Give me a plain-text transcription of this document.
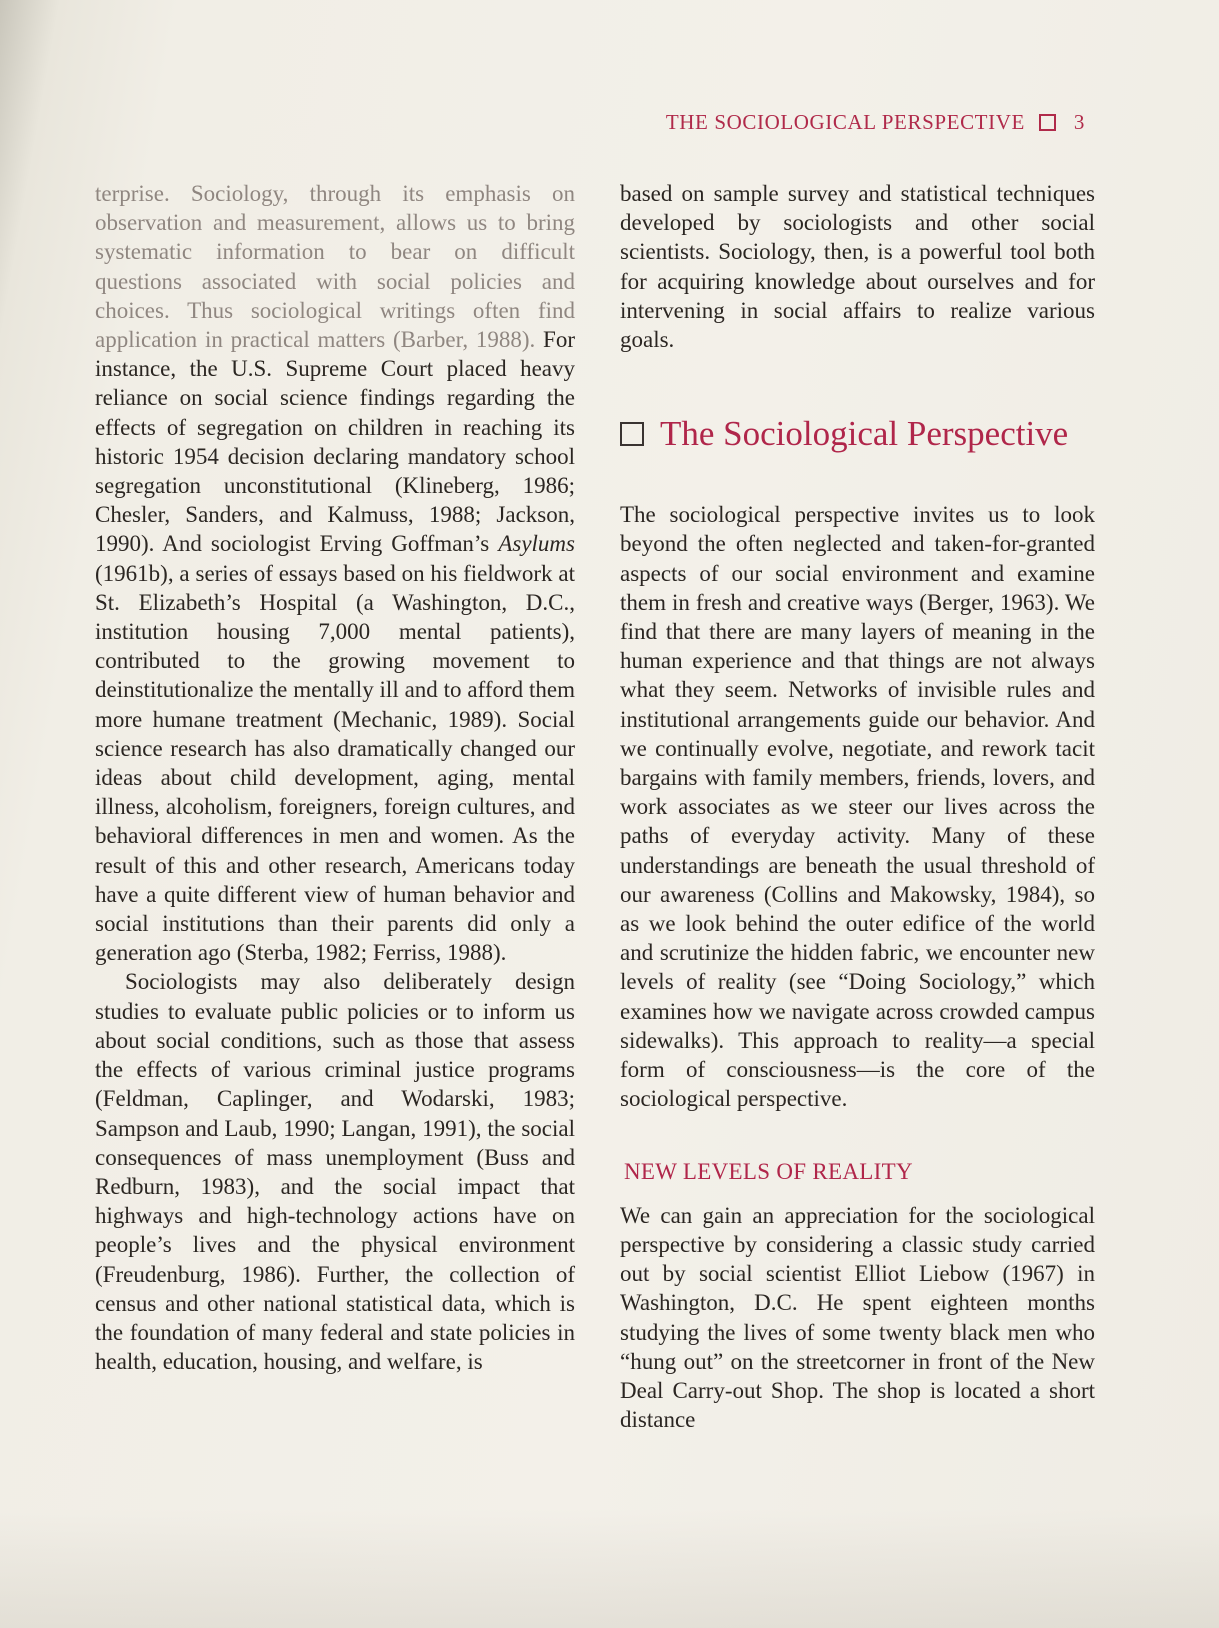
THE SOCIOLOGICAL PERSPECTIVE 3

terprise. Sociology, through its emphasis on observation and measurement, allows us to bring systematic information to bear on difficult questions associated with social policies and choices. Thus sociological writings often find application in practical matters (Barber, 1988). For instance, the U.S. Supreme Court placed heavy reliance on social science findings regarding the effects of segregation on children in reaching its historic 1954 decision declaring mandatory school segregation unconstitutional (Klineberg, 1986; Chesler, Sanders, and Kalmuss, 1988; Jackson, 1990). And sociologist Erving Goffman’s Asylums (1961b), a series of essays based on his fieldwork at St. Elizabeth’s Hospital (a Washington, D.C., institution housing 7,000 mental patients), contributed to the growing movement to deinstitutionalize the mentally ill and to afford them more humane treatment (Mechanic, 1989). Social science research has also dramatically changed our ideas about child development, aging, mental illness, alcoholism, foreigners, foreign cultures, and behavioral differences in men and women. As the result of this and other research, Americans today have a quite different view of human behavior and social institutions than their parents did only a generation ago (Sterba, 1982; Ferriss, 1988).

Sociologists may also deliberately design studies to evaluate public policies or to inform us about social conditions, such as those that assess the effects of various criminal justice programs (Feldman, Caplinger, and Wodarski, 1983; Sampson and Laub, 1990; Langan, 1991), the social consequences of mass unemployment (Buss and Redburn, 1983), and the social impact that highways and high-technology actions have on people’s lives and the physical environment (Freudenburg, 1986). Further, the collection of census and other national statistical data, which is the foundation of many federal and state policies in health, education, housing, and welfare, is

based on sample survey and statistical techniques developed by sociologists and other social scientists. Sociology, then, is a powerful tool both for acquiring knowledge about ourselves and for intervening in social affairs to realize various goals.

The Sociological Perspective

The sociological perspective invites us to look beyond the often neglected and taken-for-granted aspects of our social environment and examine them in fresh and creative ways (Berger, 1963). We find that there are many layers of meaning in the human experience and that things are not always what they seem. Networks of invisible rules and institutional arrangements guide our behavior. And we continually evolve, negotiate, and rework tacit bargains with family members, friends, lovers, and work associates as we steer our lives across the paths of everyday activity. Many of these understandings are beneath the usual threshold of our awareness (Collins and Makowsky, 1984), so as we look behind the outer edifice of the world and scrutinize the hidden fabric, we encounter new levels of reality (see “Doing Sociology,” which examines how we navigate across crowded campus sidewalks). This approach to reality—a special form of consciousness—is the core of the sociological perspective.

NEW LEVELS OF REALITY

We can gain an appreciation for the sociological perspective by considering a classic study carried out by social scientist Elliot Liebow (1967) in Washington, D.C. He spent eighteen months studying the lives of some twenty black men who “hung out” on the streetcorner in front of the New Deal Carry-out Shop. The shop is located a short distance
